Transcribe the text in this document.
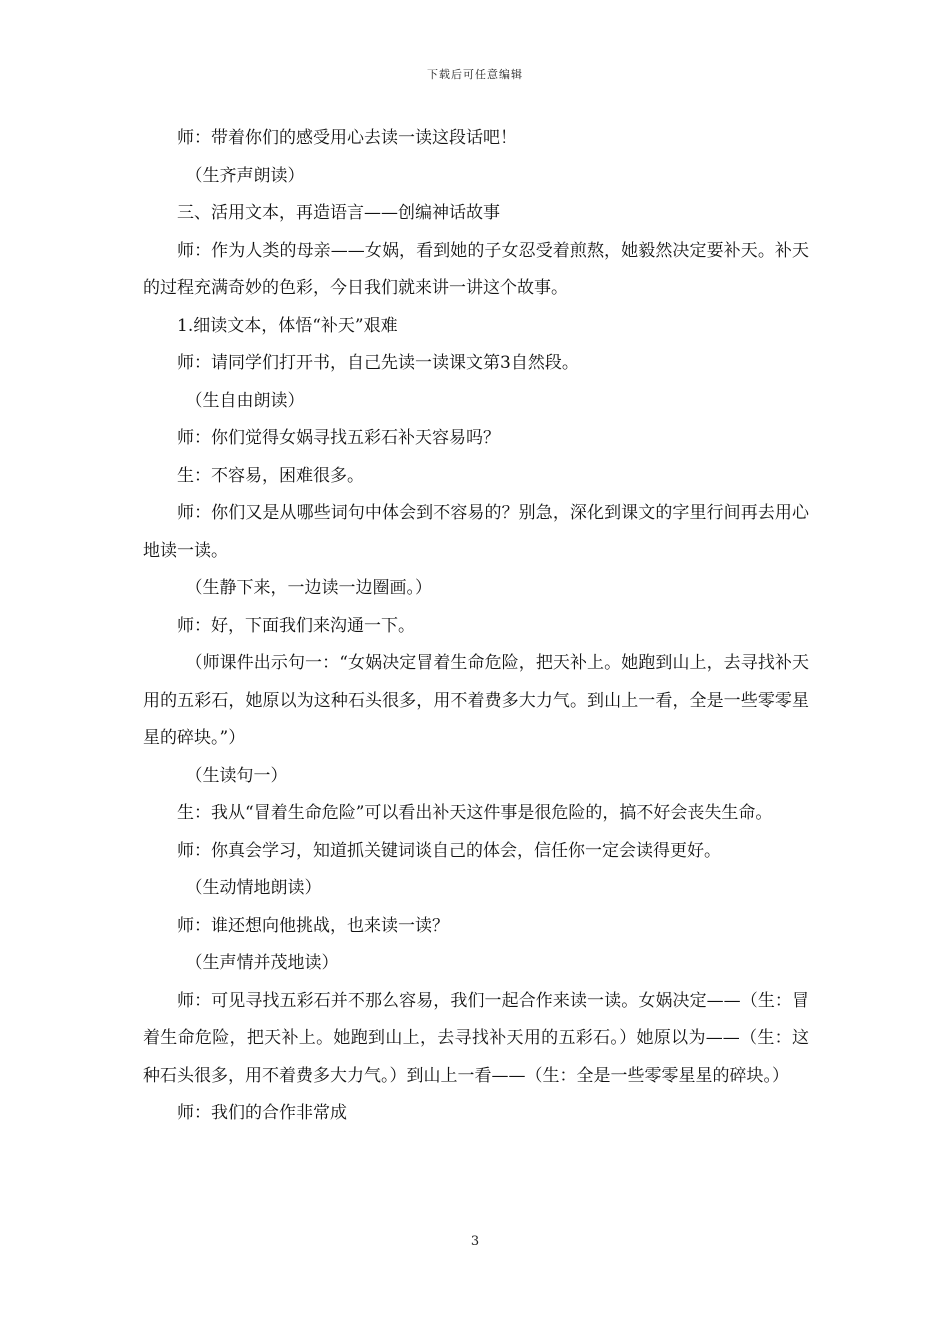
下载后可任意编辑

师：带着你们的感受用心去读一读这段话吧！

（生齐声朗读）

三、活用文本，再造语言——创编神话故事

师：作为人类的母亲——女娲，看到她的子女忍受着煎熬，她毅然决定要补天。补天的过程充满奇妙的色彩，今日我们就来讲一讲这个故事。

1.细读文本，体悟“补天”艰难

师：请同学们打开书，自己先读一读课文第3自然段。

（生自由朗读）

师：你们觉得女娲寻找五彩石补天容易吗？

生：不容易，困难很多。

师：你们又是从哪些词句中体会到不容易的？别急，深化到课文的字里行间再去用心地读一读。

（生静下来，一边读一边圈画。）

师：好，下面我们来沟通一下。

（师课件出示句一：“女娲决定冒着生命危险，把天补上。她跑到山上，去寻找补天用的五彩石，她原以为这种石头很多，用不着费多大力气。到山上一看，全是一些零零星星的碎块。”）

（生读句一）

生：我从“冒着生命危险”可以看出补天这件事是很危险的，搞不好会丧失生命。

师：你真会学习，知道抓关键词谈自己的体会，信任你一定会读得更好。

（生动情地朗读）

师：谁还想向他挑战，也来读一读？

（生声情并茂地读）

师：可见寻找五彩石并不那么容易，我们一起合作来读一读。女娲决定——（生：冒着生命危险，把天补上。她跑到山上，去寻找补天用的五彩石。）她原以为——（生：这种石头很多，用不着费多大力气。）到山上一看——（生：全是一些零零星星的碎块。）

师：我们的合作非常成

3
